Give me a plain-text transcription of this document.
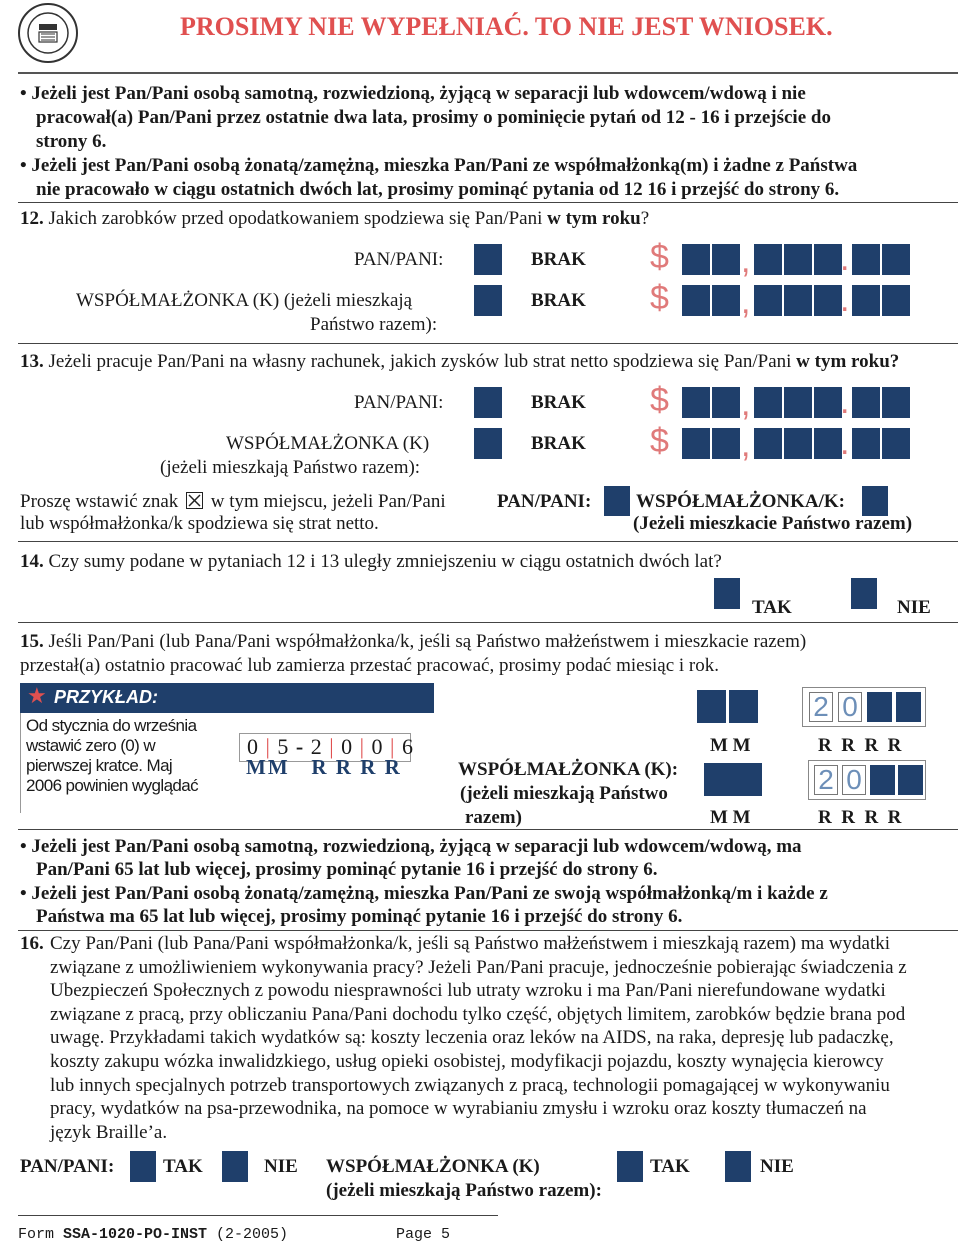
PROSIMY NIE WYPEŁNIAĆ. TO NIE JEST WNIOSEK.
• Jeżeli jest Pan/Pani osobą samotną, rozwiedzioną, żyjącą w separacji lub wdowcem/wdową i nie
pracował(a) Pan/Pani przez ostatnie dwa lata, prosimy o pominięcie pytań od 12 - 16 i przejście do
strony 6.
• Jeżeli jest Pan/Pani osobą żonatą/zamężną, mieszka Pan/Pani ze współmałżonką(m) i żadne z Państwa
nie pracowało w ciągu ostatnich dwóch lat, prosimy pominąć pytania od 12 16 i przejść do strony 6.
12. Jakich zarobków przed opodatkowaniem spodziewa się Pan/Pani w tym roku?
PAN/PANI:	BRAK $ ,	.
WSPÓŁMAŁŻONKA (K) (jeżeli mieszkają
Państwo razem):
BRAK $ ,	.
13. Jeżeli pracuje Pan/Pani na własny rachunek, jakich zysków lub strat netto spodziewa się Pan/Pani w tym roku?
PAN/PANI:	BRAK $ ,	.
WSPÓŁMAŁŻONKA (K)
(jeżeli mieszkają Państwo razem):
BRAK $ ,	.
Proszę wstawić znak w tym miejscu, jeżeli Pan/Pani
lub współmałżonka/k spodziewa się strat netto.
PAN/PANI: WSPÓŁMAŁŻONKA/K:
(Jeżeli mieszkacie Państwo razem)
14. Czy sumy podane w pytaniach 12 i 13 uległy zmniejszeniu w ciągu ostatnich dwóch lat?
TAK	NIE
15. Jeśli Pan/Pani (lub Pana/Pani współmałżonka/k, jeśli są Państwo małżeństwem i mieszkacie razem)
przestał(a) ostatnio pracować lub zamierza przestać pracować, prosimy podać miesiąc i rok.
★ PRZYKŁAD:
Od stycznia do września
wstawić zero (0) w
pierwszej kratce. Maj
2006 powinien wyglądać
0 | 5 - 2 | 0 | 0 | 6
MM   R R R R
2 0
M M	R  R  R  R
WSPÓŁMAŁŻONKA (K):
(jeżeli mieszkają Państwo
razem)
2 0
M M	R  R  R  R
• Jeżeli jest Pan/Pani osobą samotną, rozwiedzioną, żyjącą w separacji lub wdowcem/wdową, ma
Pan/Pani 65 lat lub więcej, prosimy pominąć pytanie 16 i przejść do strony 6.
• Jeżeli jest Pan/Pani osobą żonatą/zamężną, mieszka Pan/Pani ze swoją współmałżonką/m i każde z
Państwa ma 65 lat lub więcej, prosimy pominąć pytanie 16 i przejść do strony 6.
16. Czy Pan/Pani (lub Pana/Pani współmałżonka/k, jeśli są Państwo małżeństwem i mieszkają razem) ma wydatki
związane z umożliwieniem wykonywania pracy? Jeżeli Pan/Pani pracuje, jednocześnie pobierając świadczenia z
Ubezpieczeń Społecznych z powodu niesprawności lub utraty wzroku i ma Pan/Pani nierefundowane wydatki
związane z pracą, przy obliczaniu Pana/Pani dochodu tylko część, objętych limitem, zarobków będzie brana pod
uwagę. Przykładami takich wydatków są: koszty leczenia oraz leków na AIDS, na raka, depresję lub padaczkę,
koszty zakupu wózka inwalidzkiego, usług opieki osobistej, modyfikacji pojazdu, koszty wynajęcia kierowcy
lub innych specjalnych potrzeb transportowych związanych z pracą, technologii pomagającej w wykonywaniu
pracy, wydatków na psa-przewodnika, na pomoce w wyrabianiu zmysłu i wzroku oraz koszty tłumaczeń na
język Braille’a.
PAN/PANI:	TAK	NIE WSPÓŁMAŁŻONKA (K)
(jeżeli mieszkają Państwo razem):
TAK	NIE
Form SSA-1020-PO-INST (2-2005)	Page 5
